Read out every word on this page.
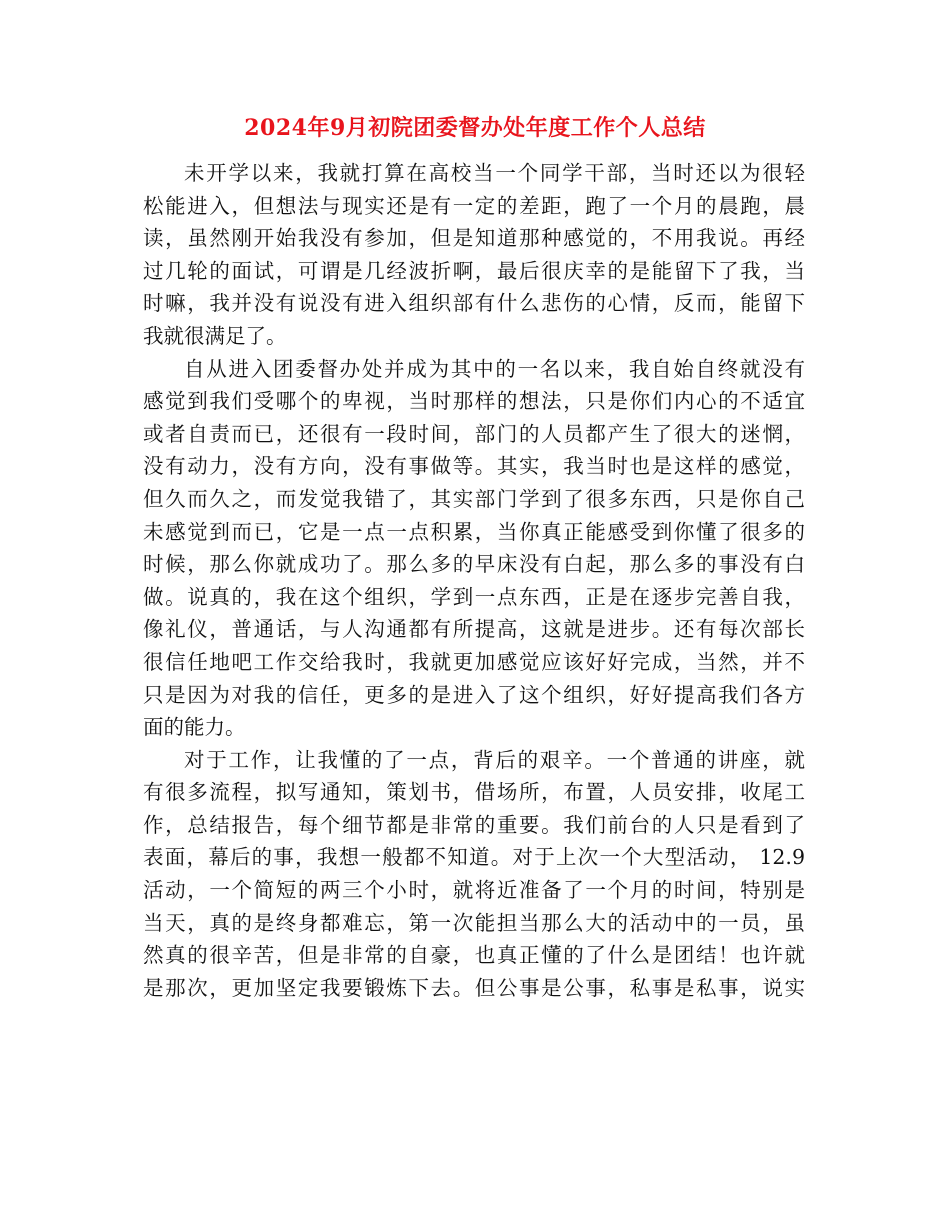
2024年9月初院团委督办处年度工作个人总结
未开学以来，我就打算在高校当一个同学干部，当时还以为很轻
松能进入，但想法与现实还是有一定的差距，跑了一个月的晨跑，晨
读，虽然刚开始我没有参加，但是知道那种感觉的，不用我说。再经
过几轮的面试，可谓是几经波折啊，最后很庆幸的是能留下了我，当
时嘛，我并没有说没有进入组织部有什么悲伤的心情，反而，能留下
我就很满足了。
自从进入团委督办处并成为其中的一名以来，我自始自终就没有
感觉到我们受哪个的卑视，当时那样的想法，只是你们内心的不适宜
或者自责而已，还很有一段时间，部门的人员都产生了很大的迷惘，
没有动力，没有方向，没有事做等。其实，我当时也是这样的感觉，
但久而久之，而发觉我错了，其实部门学到了很多东西，只是你自己
未感觉到而已，它是一点一点积累，当你真正能感受到你懂了很多的
时候，那么你就成功了。那么多的早床没有白起，那么多的事没有白
做。说真的，我在这个组织，学到一点东西，正是在逐步完善自我，
像礼仪，普通话，与人沟通都有所提高，这就是进步。还有每次部长
很信任地吧工作交给我时，我就更加感觉应该好好完成，当然，并不
只是因为对我的信任，更多的是进入了这个组织，好好提高我们各方
面的能力。
对于工作，让我懂的了一点，背后的艰辛。一个普通的讲座，就
有很多流程，拟写通知，策划书，借场所，布置，人员安排，收尾工
作，总结报告，每个细节都是非常的重要。我们前台的人只是看到了
表面，幕后的事，我想一般都不知道。对于上次一个大型活动， 12.9
活动，一个简短的两三个小时，就将近准备了一个月的时间，特别是
当天，真的是终身都难忘，第一次能担当那么大的活动中的一员，虽
然真的很辛苦，但是非常的自豪，也真正懂的了什么是团结！也许就
是那次，更加坚定我要锻炼下去。但公事是公事，私事是私事，说实
